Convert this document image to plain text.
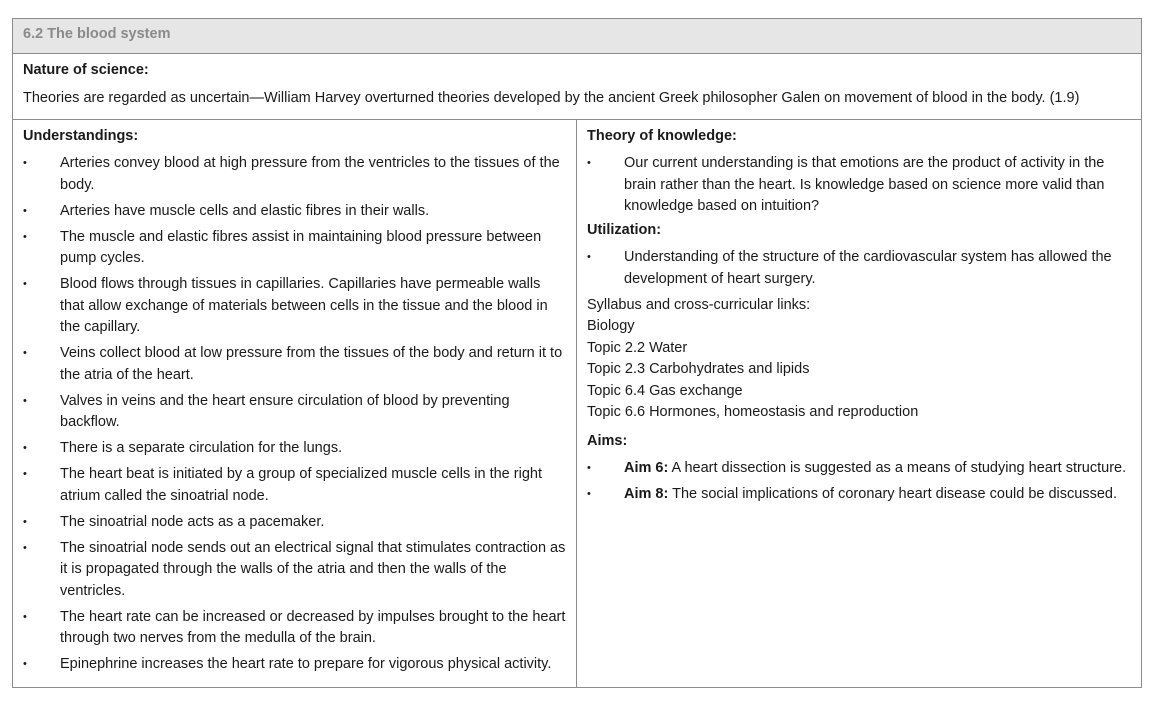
6.2 The blood system
Nature of science:
Theories are regarded as uncertain—William Harvey overturned theories developed by the ancient Greek philosopher Galen on movement of blood in the body. (1.9)
Understandings:
• Arteries convey blood at high pressure from the ventricles to the tissues of the body.
• Arteries have muscle cells and elastic fibres in their walls.
• The muscle and elastic fibres assist in maintaining blood pressure between pump cycles.
• Blood flows through tissues in capillaries. Capillaries have permeable walls that allow exchange of materials between cells in the tissue and the blood in the capillary.
• Veins collect blood at low pressure from the tissues of the body and return it to the atria of the heart.
• Valves in veins and the heart ensure circulation of blood by preventing backflow.
• There is a separate circulation for the lungs.
• The heart beat is initiated by a group of specialized muscle cells in the right atrium called the sinoatrial node.
• The sinoatrial node acts as a pacemaker.
• The sinoatrial node sends out an electrical signal that stimulates contraction as it is propagated through the walls of the atria and then the walls of the ventricles.
• The heart rate can be increased or decreased by impulses brought to the heart through two nerves from the medulla of the brain.
• Epinephrine increases the heart rate to prepare for vigorous physical activity.
Theory of knowledge:
• Our current understanding is that emotions are the product of activity in the brain rather than the heart. Is knowledge based on science more valid than knowledge based on intuition?
Utilization:
• Understanding of the structure of the cardiovascular system has allowed the development of heart surgery.
Syllabus and cross-curricular links:
Biology
Topic 2.2 Water
Topic 2.3 Carbohydrates and lipids
Topic 6.4 Gas exchange
Topic 6.6 Hormones, homeostasis and reproduction
Aims:
• Aim 6: A heart dissection is suggested as a means of studying heart structure.
• Aim 8: The social implications of coronary heart disease could be discussed.
